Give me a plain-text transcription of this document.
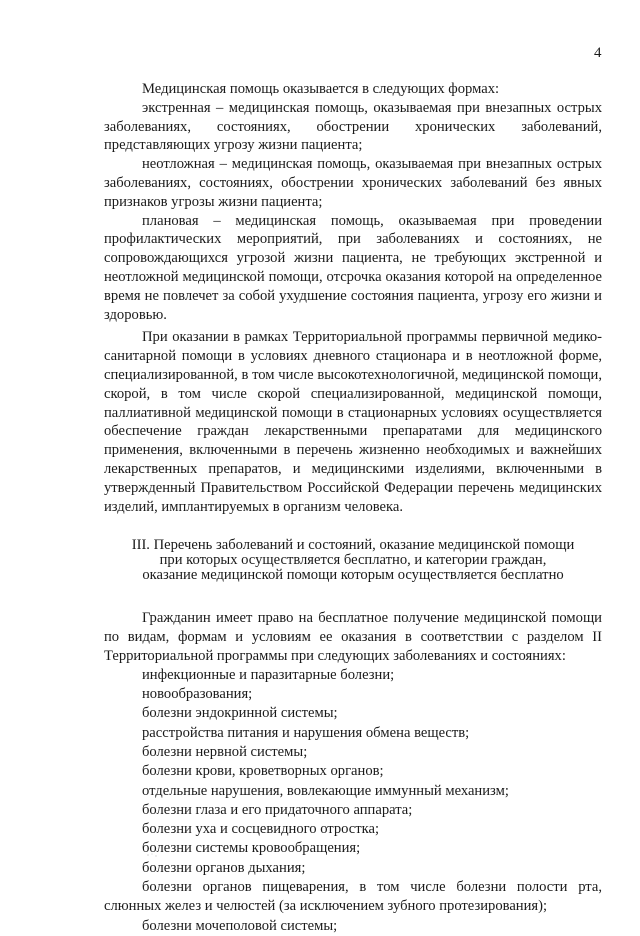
4

Медицинская помощь оказывается в следующих формах:

экстренная – медицинская помощь, оказываемая при внезапных острых заболеваниях, состояниях, обострении хронических заболеваний, представляющих угрозу жизни пациента;

неотложная – медицинская помощь, оказываемая при внезапных острых заболеваниях, состояниях, обострении хронических заболеваний без явных признаков угрозы жизни пациента;

плановая – медицинская помощь, оказываемая при проведении профилактических мероприятий, при заболеваниях и состояниях, не сопровождающихся угрозой жизни пациента, не требующих экстренной и неотложной медицинской помощи, отсрочка оказания которой на определенное время не повлечет за собой ухудшение состояния пациента, угрозу его жизни и здоровью.

При оказании в рамках Территориальной программы первичной медико-санитарной помощи в условиях дневного стационара и в неотложной форме, специализированной, в том числе высокотехнологичной, медицинской помощи, скорой, в том числе скорой специализированной, медицинской помощи, паллиативной медицинской помощи в стационарных условиях осуществляется обеспечение граждан лекарственными препаратами для медицинского применения, включенными в перечень жизненно необходимых и важнейших лекарственных препаратов, и медицинскими изделиями, включенными в утвержденный Правительством Российской Федерации перечень медицинских изделий, имплантируемых в организм человека.

III. Перечень заболеваний и состояний, оказание медицинской помощи
при которых осуществляется бесплатно, и категории граждан,
оказание медицинской помощи которым осуществляется бесплатно

Гражданин имеет право на бесплатное получение медицинской помощи по видам, формам и условиям ее оказания в соответствии с разделом II Территориальной программы при следующих заболеваниях и состояниях:

инфекционные и паразитарные болезни;

новообразования;

болезни эндокринной системы;

расстройства питания и нарушения обмена веществ;

болезни нервной системы;

болезни крови, кроветворных органов;

отдельные нарушения, вовлекающие иммунный механизм;

болезни глаза и его придаточного аппарата;

болезни уха и сосцевидного отростка;

болезни системы кровообращения;

болезни органов дыхания;

болезни органов пищеварения, в том числе болезни полости рта, слюнных желез и челюстей (за исключением зубного протезирования);

болезни мочеполовой системы;
